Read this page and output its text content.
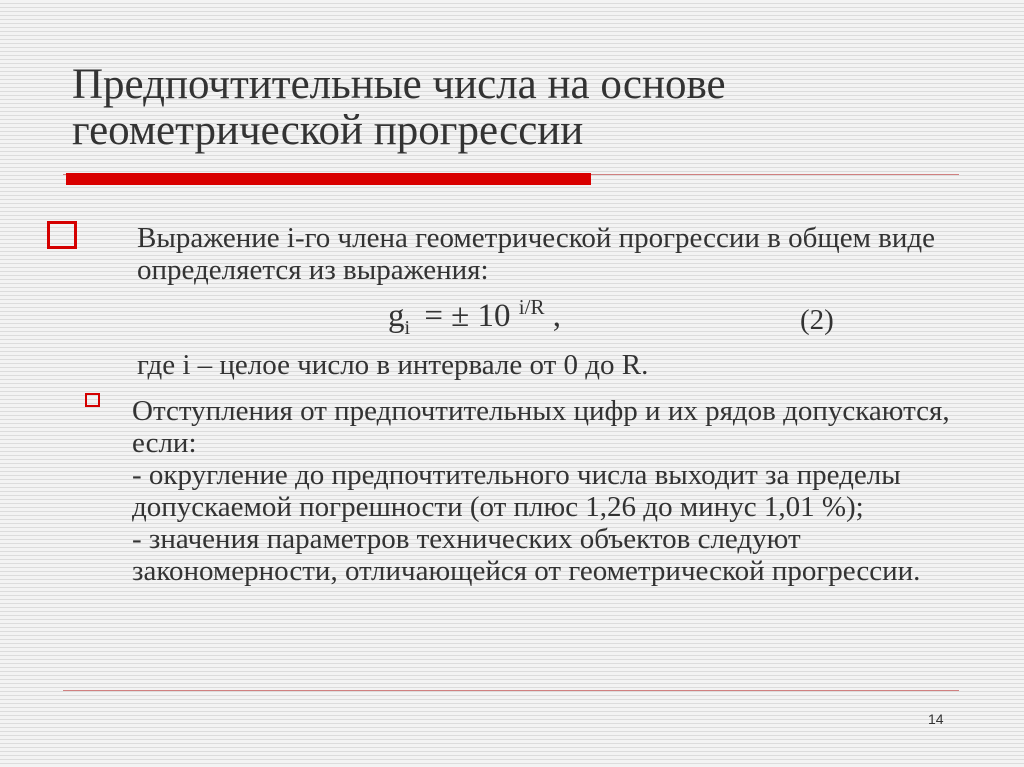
Предпочтительные числа на основе геометрической прогрессии
Выражение i-го члена геометрической прогрессии в общем виде определяется из выражения:
$g_i$ = ± 10 $^{i/R}$ ,	(2)
где i – целое число в интервале от 0 до R.
Отступления от предпочтительных цифр и их рядов допускаются, если:
- округление до предпочтительного числа выходит за пределы допускаемой погрешности (от плюс 1,26 до минус 1,01 %);
- значения параметров технических объектов следуют закономерности, отличающейся от геометрической прогрессии.
14
